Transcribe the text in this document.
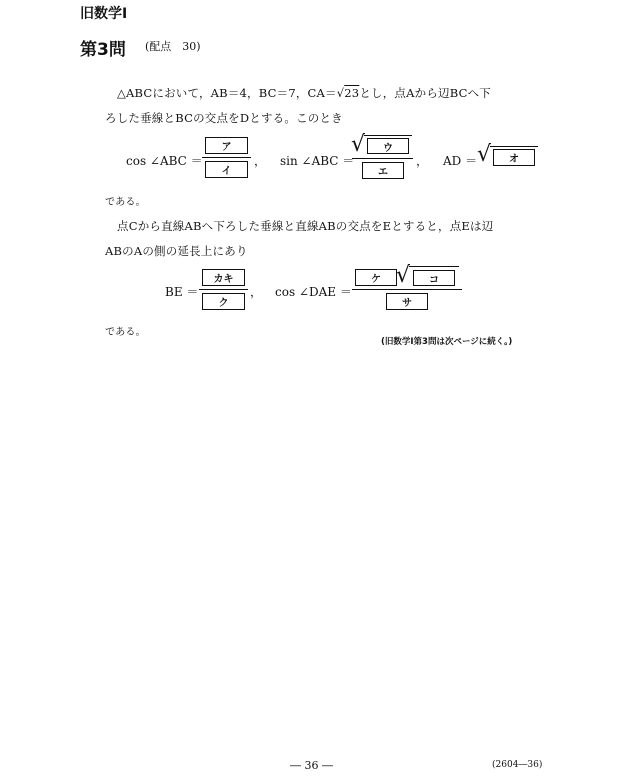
旧数学Ⅰ
第3問 (配点　30)
△ABCにおいて，AB＝4，BC＝7，CA＝√23とし，点Aから辺BCへ下
ろした垂線とBCの交点をDとする。このとき
cos ∠ABC ＝
ア
イ
， sin ∠ABC ＝
√	ウ
エ
， AD ＝ √	オ
である。
点Cから直線ABへ下ろした垂線と直線ABの交点をEとすると，点Eは辺
ABのAの側の延長上にあり
BE ＝
カキ
ク
， cos ∠DAE ＝
ケ √	コ
サ
である。
(旧数学Ⅰ第3問は次ページに続く。)
― 36 ―	(2604―36)
